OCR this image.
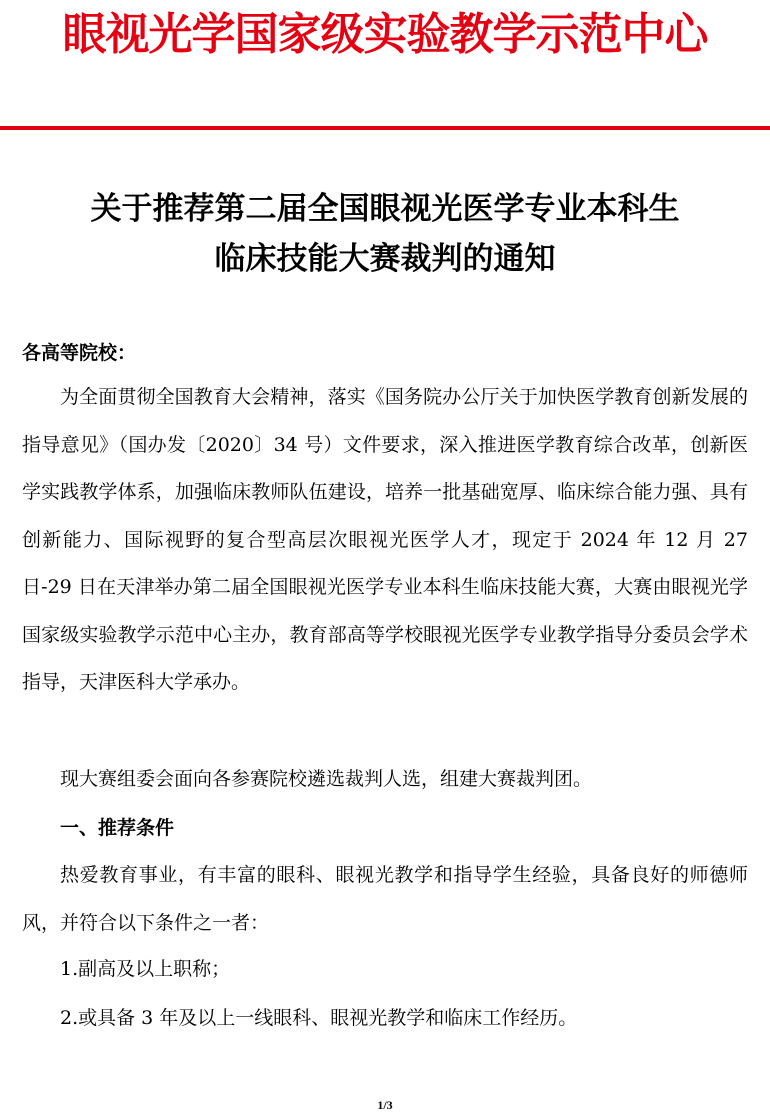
眼视光学国家级实验教学示范中心
关于推荐第二届全国眼视光医学专业本科生
临床技能大赛裁判的通知
各高等院校：

为全面贯彻全国教育大会精神，落实《国务院办公厅关于加快医学教育创新发展的指导意见》（国办发〔2020〕34 号）文件要求，深入推进医学教育综合改革，创新医学实践教学体系，加强临床教师队伍建设，培养一批基础宽厚、临床综合能力强、具有创新能力、国际视野的复合型高层次眼视光医学人才，现定于 2024 年 12 月 27 日-29 日在天津举办第二届全国眼视光医学专业本科生临床技能大赛，大赛由眼视光学国家级实验教学示范中心主办，教育部高等学校眼视光医学专业教学指导分委员会学术指导，天津医科大学承办。

现大赛组委会面向各参赛院校遴选裁判人选，组建大赛裁判团。

一、推荐条件

热爱教育事业，有丰富的眼科、眼视光教学和指导学生经验，具备良好的师德师风，并符合以下条件之一者：

1.副高及以上职称；
2.或具备 3 年及以上一线眼科、眼视光教学和临床工作经历。
1/3
